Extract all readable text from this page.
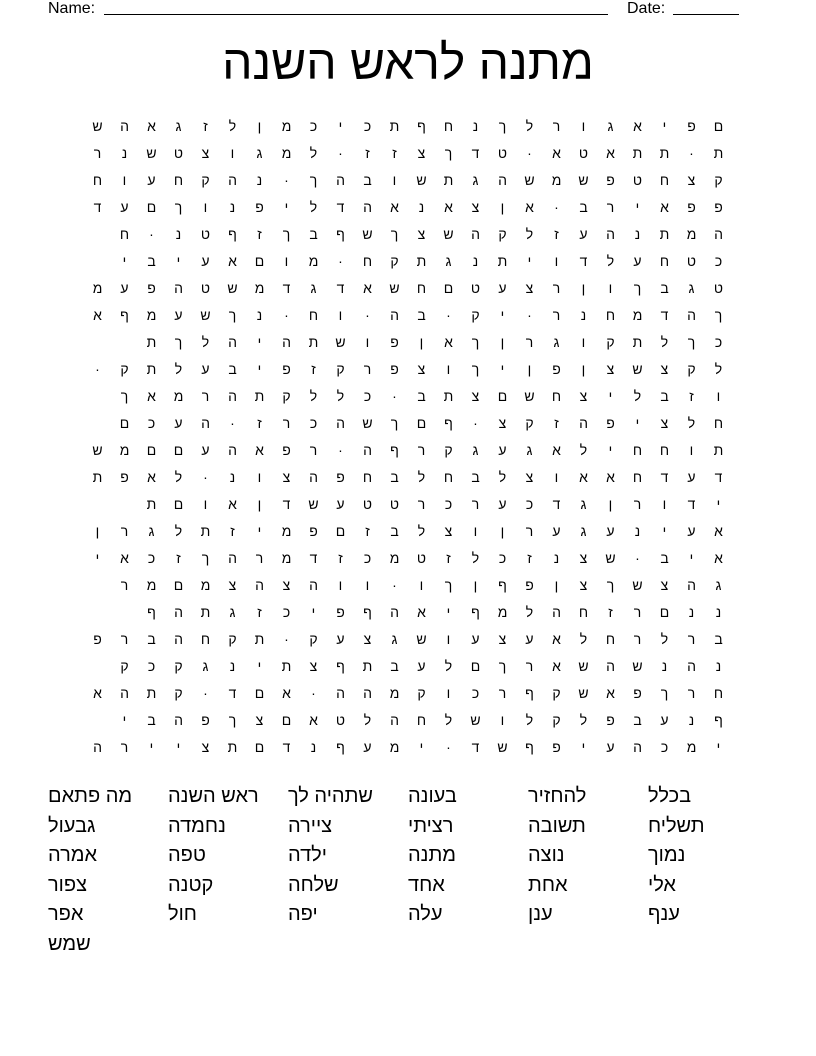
Name:	Date:
מתנה לראש השנה
ם
פ
י
א
ג
ו
ר
ל
ך
נ
ח
ף
ת
כ
י
כ
מ
ן
ל
ז
ג
א
ה
ש
ת
·
ת
ת
א
ט
א
·
ט
ד
ך
צ
ז
ז
·
ל
מ
ג
ו
צ
ט
ש
נ
ר
ק
צ
ח
ט
פ
ש
מ
ש
ה
ג
ת
ש
ו
ב
ה
ך
·
נ
ה
ק
ח
ע
ו
ח
פ
פ
א
י
ר
ב
·
א
ן
צ
א
נ
א
ה
ד
ל
י
פ
נ
ו
ך
ם
ע
ד
ה
מ
ת
נ
ה
ע
ז
ל
ק
ה
ש
צ
ך
ש
ף
ב
ך
ז
ף
ט
נ
·
ח
כ
ט
ח
ע
ל
ד
ו
י
ת
נ
ג
ת
ק
ח
·
מ
ו
ם
א
ע
י
ב
י
ט
ג
ב
ך
ו
ן
ר
צ
ע
ט
ם
ח
ש
א
ד
ג
ד
מ
ש
ט
ה
פ
ע
מ
ך
ה
ד
מ
ח
נ
ר
·
י
ק
·
ב
ה
·
ו
ח
·
נ
ך
ש
ע
מ
ף
א
כ
ך
ל
ת
ק
ו
ג
ר
ן
ך
א
ן
פ
ו
ש
ת
ה
י
ה
ל
ך
ת
ל
ק
צ
ש
צ
ן
פ
ן
י
ך
ו
צ
פ
ר
ק
ז
פ
י
ב
ע
ל
ת
ק
·
ו
ז
ב
ל
י
צ
ח
ש
ם
צ
ת
ב
·
כ
ל
ל
ק
ת
ה
ר
מ
א
ך
ח
ל
צ
י
פ
ה
ז
ק
צ
·
ף
ם
ך
ש
ה
כ
ר
ז
·
ה
ע
כ
ם
ת
ו
ח
ח
י
ל
א
ג
ע
ג
ק
ר
ף
ה
·
ר
פ
א
ה
ע
ם
ם
מ
ש
ד
ע
ד
ח
א
א
ו
צ
ל
ב
ח
ל
ב
ח
פ
ה
צ
ו
נ
·
ל
א
פ
ת
י
ד
ו
ר
ן
ג
ד
כ
ע
ר
כ
ר
ט
ט
ע
ש
ד
ן
א
ו
ם
ת
א
ע
י
נ
ע
ג
ע
ר
ן
ו
צ
ל
ב
ז
ם
פ
מ
י
ז
ת
ל
ג
ר
ן
א
י
ב
·
ש
צ
נ
ז
כ
ל
ז
ט
מ
כ
ז
ד
מ
ר
ה
ך
ז
כ
א
י
ג
ה
צ
ש
ך
צ
ן
פ
ף
ן
ך
ו
·
ו
ו
ה
צ
ה
צ
מ
ם
מ
ר
נ
נ
ם
ר
ז
ח
ה
ל
מ
ף
י
א
ה
ף
פ
י
כ
ז
ג
ת
ה
ף
ב
ר
ל
ר
ח
ל
א
ע
צ
ע
ו
ש
ג
צ
ע
ק
·
ת
ק
ח
ה
ב
ר
פ
נ
ה
נ
ש
ה
ש
א
ר
ך
ם
ל
ע
ב
ת
ף
צ
ת
י
נ
ג
ק
כ
ק
ח
ר
ך
פ
א
ש
ק
ף
ר
כ
ו
ק
מ
ה
ה
·
א
ם
ד
·
ק
ת
ה
א
ף
נ
ע
ב
פ
ל
ק
ל
ו
ש
ל
ח
ה
ל
ט
א
ם
צ
ך
פ
ה
ב
י
י
מ
כ
ה
ע
י
פ
ף
ש
ד
·
י
מ
ע
ף
נ
ד
ם
ת
צ
י
י
ר
ה
מה פתאם	ראש השנה	שתהיה לך	בעונה	להחזיר	בכלל
גבעול	נחמדה	ציירה	רציתי	תשובה	תשליח
אמרה	טפה	ילדה	מתנה	נוצה	נמוך
צפור	קטנה	שלחה	אחד	אחת	אלי
אפר	חול	יפה	עלה	ענן	ענף
שמש
